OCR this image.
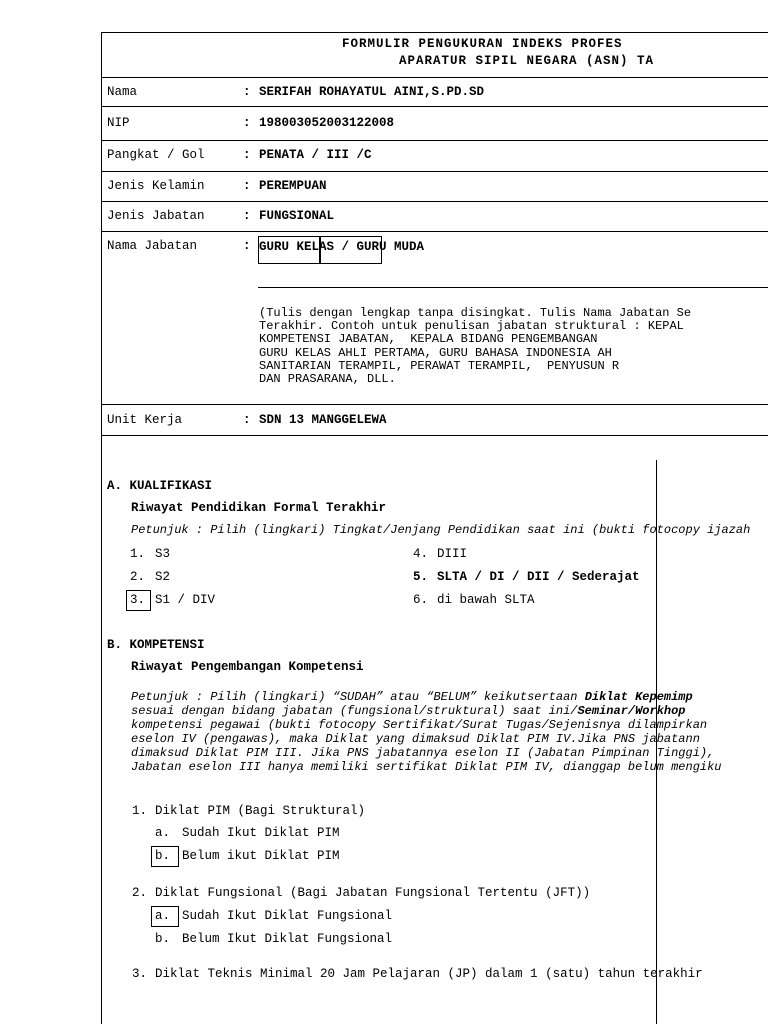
FORMULIR PENGUKURAN INDEKS PROFES
APARATUR SIPIL NEGARA (ASN) TA
Nama	: SERIFAH ROHAYATUL AINI,S.PD.SD
NIP	: 198003052003122008
Pangkat / Gol	: PENATA / III /C
Jenis Kelamin	: PEREMPUAN
Jenis Jabatan	: FUNGSIONAL
Nama Jabatan	: GURU KELAS / GURU MUDA
(Tulis dengan lengkap tanpa disingkat. Tulis Nama Jabatan Se
Terakhir. Contoh untuk penulisan jabatan struktural : KEPAL
KOMPETENSI JABATAN,  KEPALA BIDANG PENGEMBANGAN
GURU KELAS AHLI PERTAMA, GURU BAHASA INDONESIA AH
SANITARIAN TERAMPIL, PERAWAT TERAMPIL,  PENYUSUN R
DAN PRASARANA, DLL.
Unit Kerja	: SDN 13 MANGGELEWA
A. KUALIFIKASI
Riwayat Pendidikan Formal Terakhir
Petunjuk : Pilih (lingkari) Tingkat/Jenjang Pendidikan saat ini (bukti fotocopy ijazah
1. S3
2. S2
3. S1 / DIV
4. DIII
5. SLTA / DI / DII / Sederajat
6. di bawah SLTA
B. KOMPETENSI
Riwayat Pengembangan Kompetensi
Petunjuk : Pilih (lingkari) “SUDAH” atau “BELUM” keikutsertaan Diklat Kepemimp
sesuai dengan bidang jabatan (fungsional/struktural) saat ini/Seminar/Workhop
kompetensi pegawai (bukti fotocopy Sertifikat/Surat Tugas/Sejenisnya dilampirkan
eselon IV (pengawas), maka Diklat yang dimaksud Diklat PIM IV.Jika PNS jabatann
dimaksud Diklat PIM III. Jika PNS jabatannya eselon II (Jabatan Pimpinan Tinggi),
Jabatan eselon III hanya memiliki sertifikat Diklat PIM IV, dianggap belum mengiku
1. Diklat PIM (Bagi Struktural)
a. Sudah Ikut Diklat PIM
b. Belum ikut Diklat PIM
2. Diklat Fungsional (Bagi Jabatan Fungsional Tertentu (JFT))
a. Sudah Ikut Diklat Fungsional
b. Belum Ikut Diklat Fungsional
3. Diklat Teknis Minimal 20 Jam Pelajaran (JP) dalam 1 (satu) tahun terakhir
